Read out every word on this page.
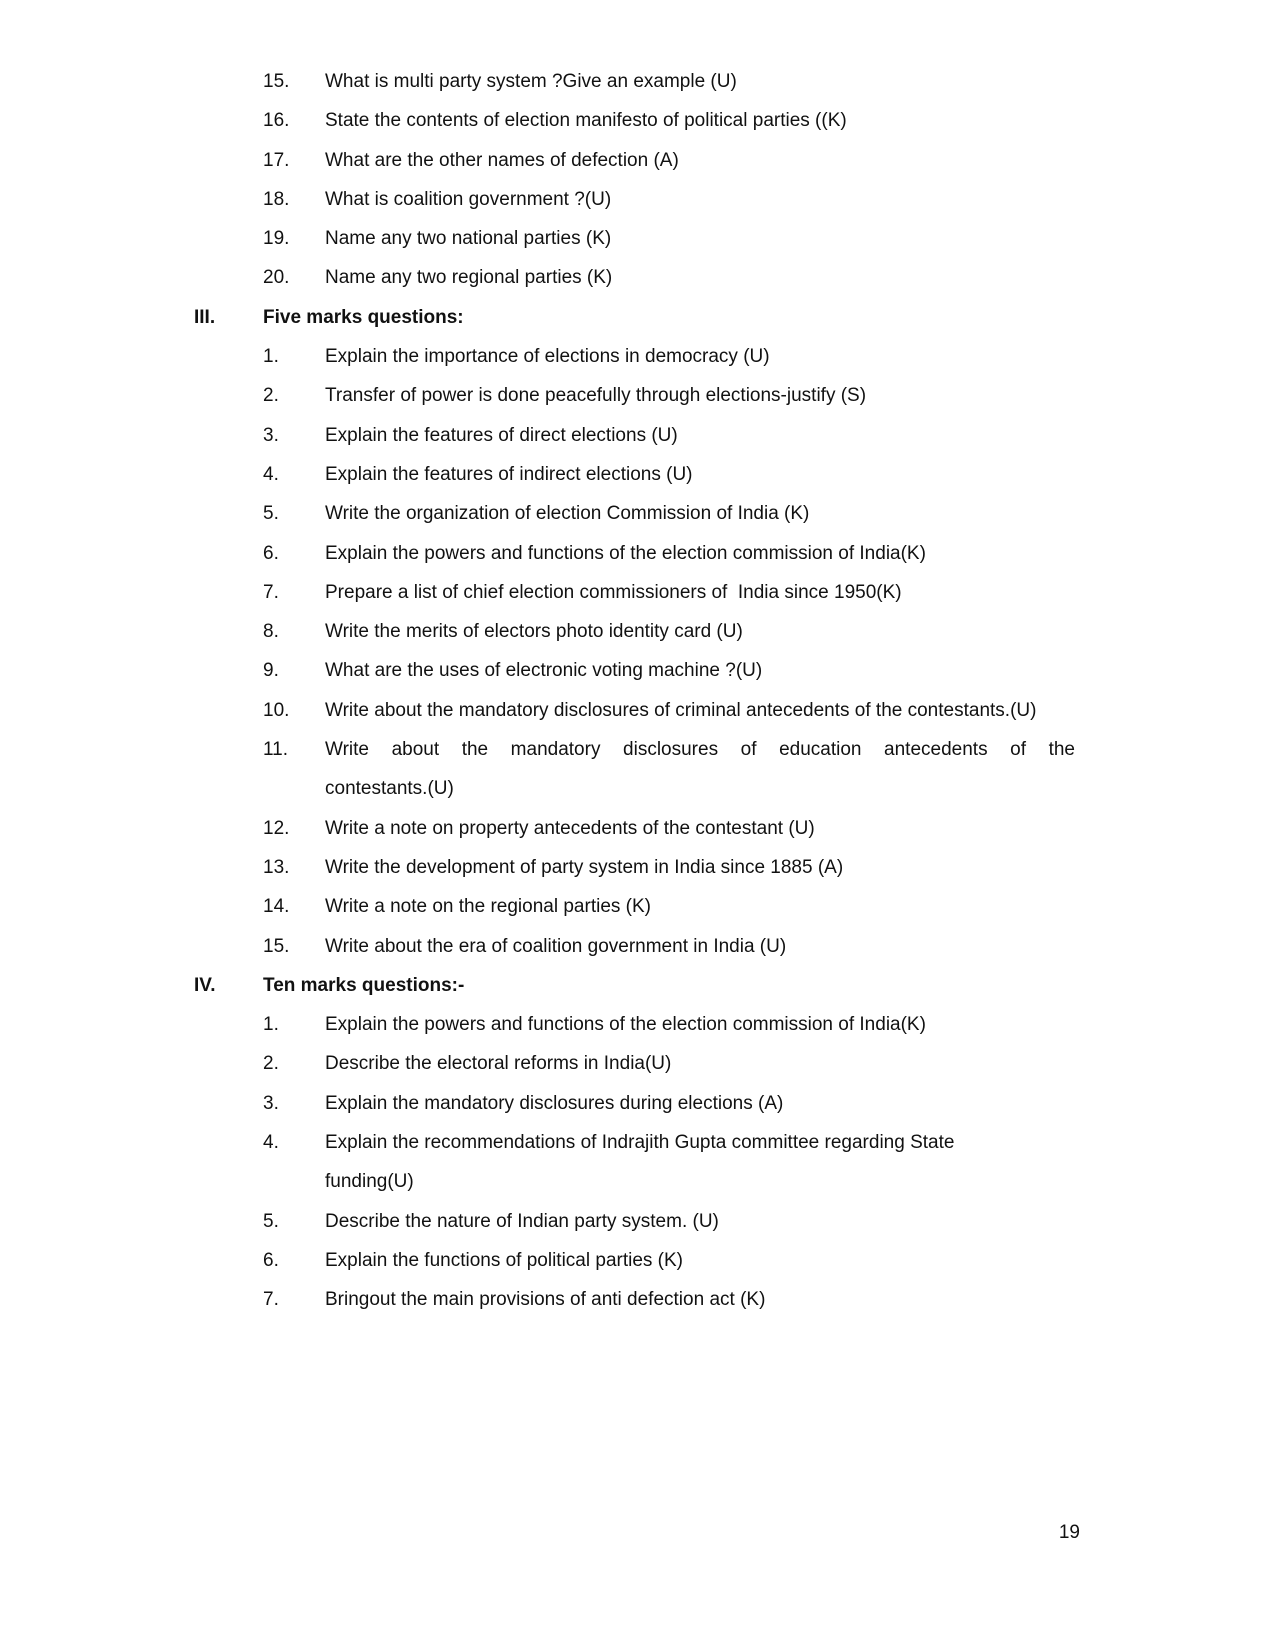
15. What is multi party system ?Give an example (U)
16. State the contents of election manifesto of political parties ((K)
17. What are the other names of defection (A)
18. What is coalition government ?(U)
19. Name any two national parties (K)
20. Name any two regional parties (K)
III.	Five marks questions:
1. Explain the importance of elections in democracy (U)
2. Transfer of power is done peacefully through elections-justify (S)
3. Explain the features of direct elections (U)
4. Explain the features of indirect elections (U)
5. Write the organization of election Commission of India (K)
6. Explain the powers and functions of the election commission of India(K)
7. Prepare a list of chief election commissioners of  India since 1950(K)
8. Write the merits of electors photo identity card (U)
9. What are the uses of electronic voting machine ?(U)
10. Write about the mandatory disclosures of criminal antecedents of the contestants.(U)
11. Write about the mandatory disclosures of education antecedents of the
contestants.(U)
12. Write a note on property antecedents of the contestant (U)
13. Write the development of party system in India since 1885 (A)
14. Write a note on the regional parties (K)
15. Write about the era of coalition government in India (U)
IV.	Ten marks questions:-
1. Explain the powers and functions of the election commission of India(K)
2. Describe the electoral reforms in India(U)
3. Explain the mandatory disclosures during elections (A)
4. Explain the recommendations of Indrajith Gupta committee regarding State
funding(U)
5. Describe the nature of Indian party system. (U)
6. Explain the functions of political parties (K)
7. Bringout the main provisions of anti defection act (K)
19
